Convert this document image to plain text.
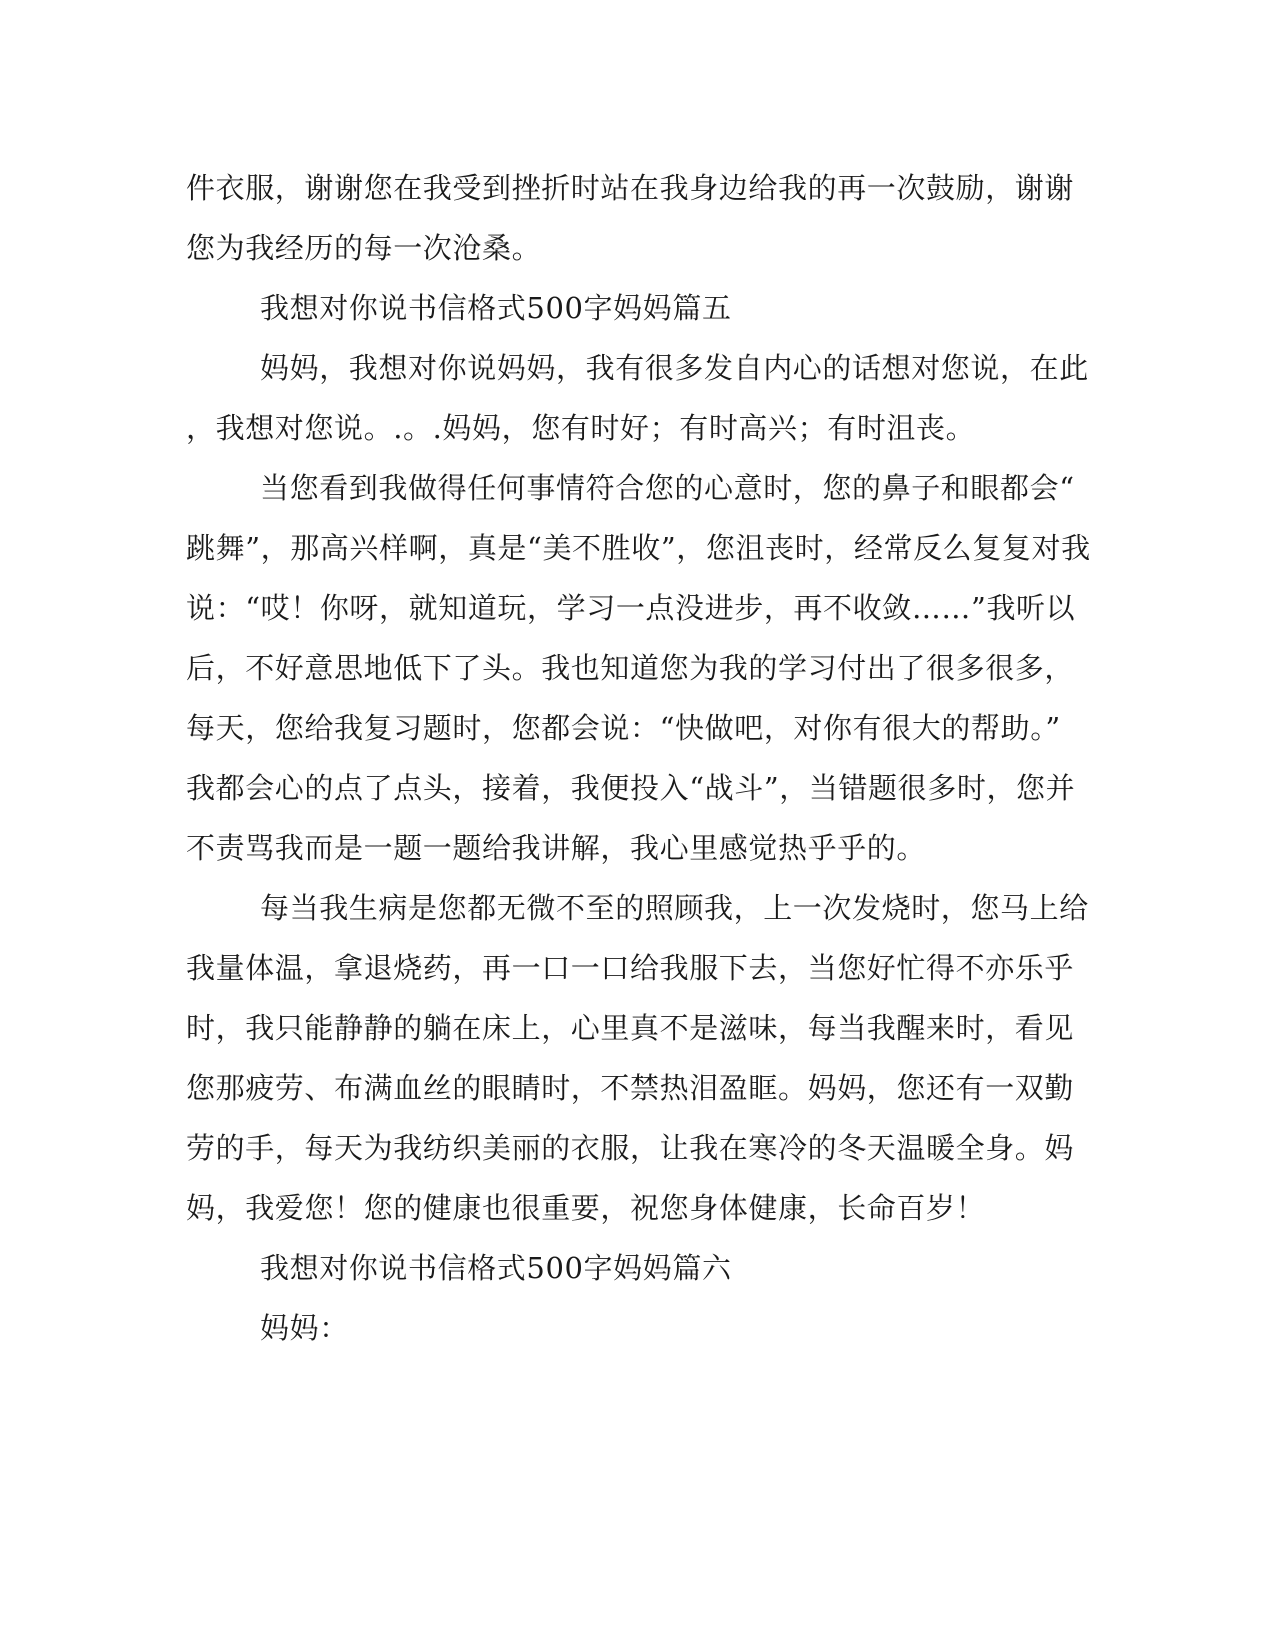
件衣服，谢谢您在我受到挫折时站在我身边给我的再一次鼓励，谢谢
您为我经历的每一次沧桑。
我想对你说书信格式500字妈妈篇五
妈妈，我想对你说妈妈，我有很多发自内心的话想对您说，在此
，我想对您说。.。.妈妈，您有时好；有时高兴；有时沮丧。
当您看到我做得任何事情符合您的心意时，您的鼻子和眼都会“
跳舞”，那高兴样啊，真是“美不胜收”，您沮丧时，经常反么复复对我
说：“哎！你呀，就知道玩，学习一点没进步，再不收敛……”我听以
后，不好意思地低下了头。我也知道您为我的学习付出了很多很多，
每天，您给我复习题时，您都会说：“快做吧，对你有很大的帮助。”
我都会心的点了点头，接着，我便投入“战斗”，当错题很多时，您并
不责骂我而是一题一题给我讲解，我心里感觉热乎乎的。
每当我生病是您都无微不至的照顾我，上一次发烧时，您马上给
我量体温，拿退烧药，再一口一口给我服下去，当您好忙得不亦乐乎
时，我只能静静的躺在床上，心里真不是滋味，每当我醒来时，看见
您那疲劳、布满血丝的眼睛时，不禁热泪盈眶。妈妈，您还有一双勤
劳的手，每天为我纺织美丽的衣服，让我在寒冷的冬天温暖全身。妈
妈，我爱您！您的健康也很重要，祝您身体健康，长命百岁！
我想对你说书信格式500字妈妈篇六
妈妈：
